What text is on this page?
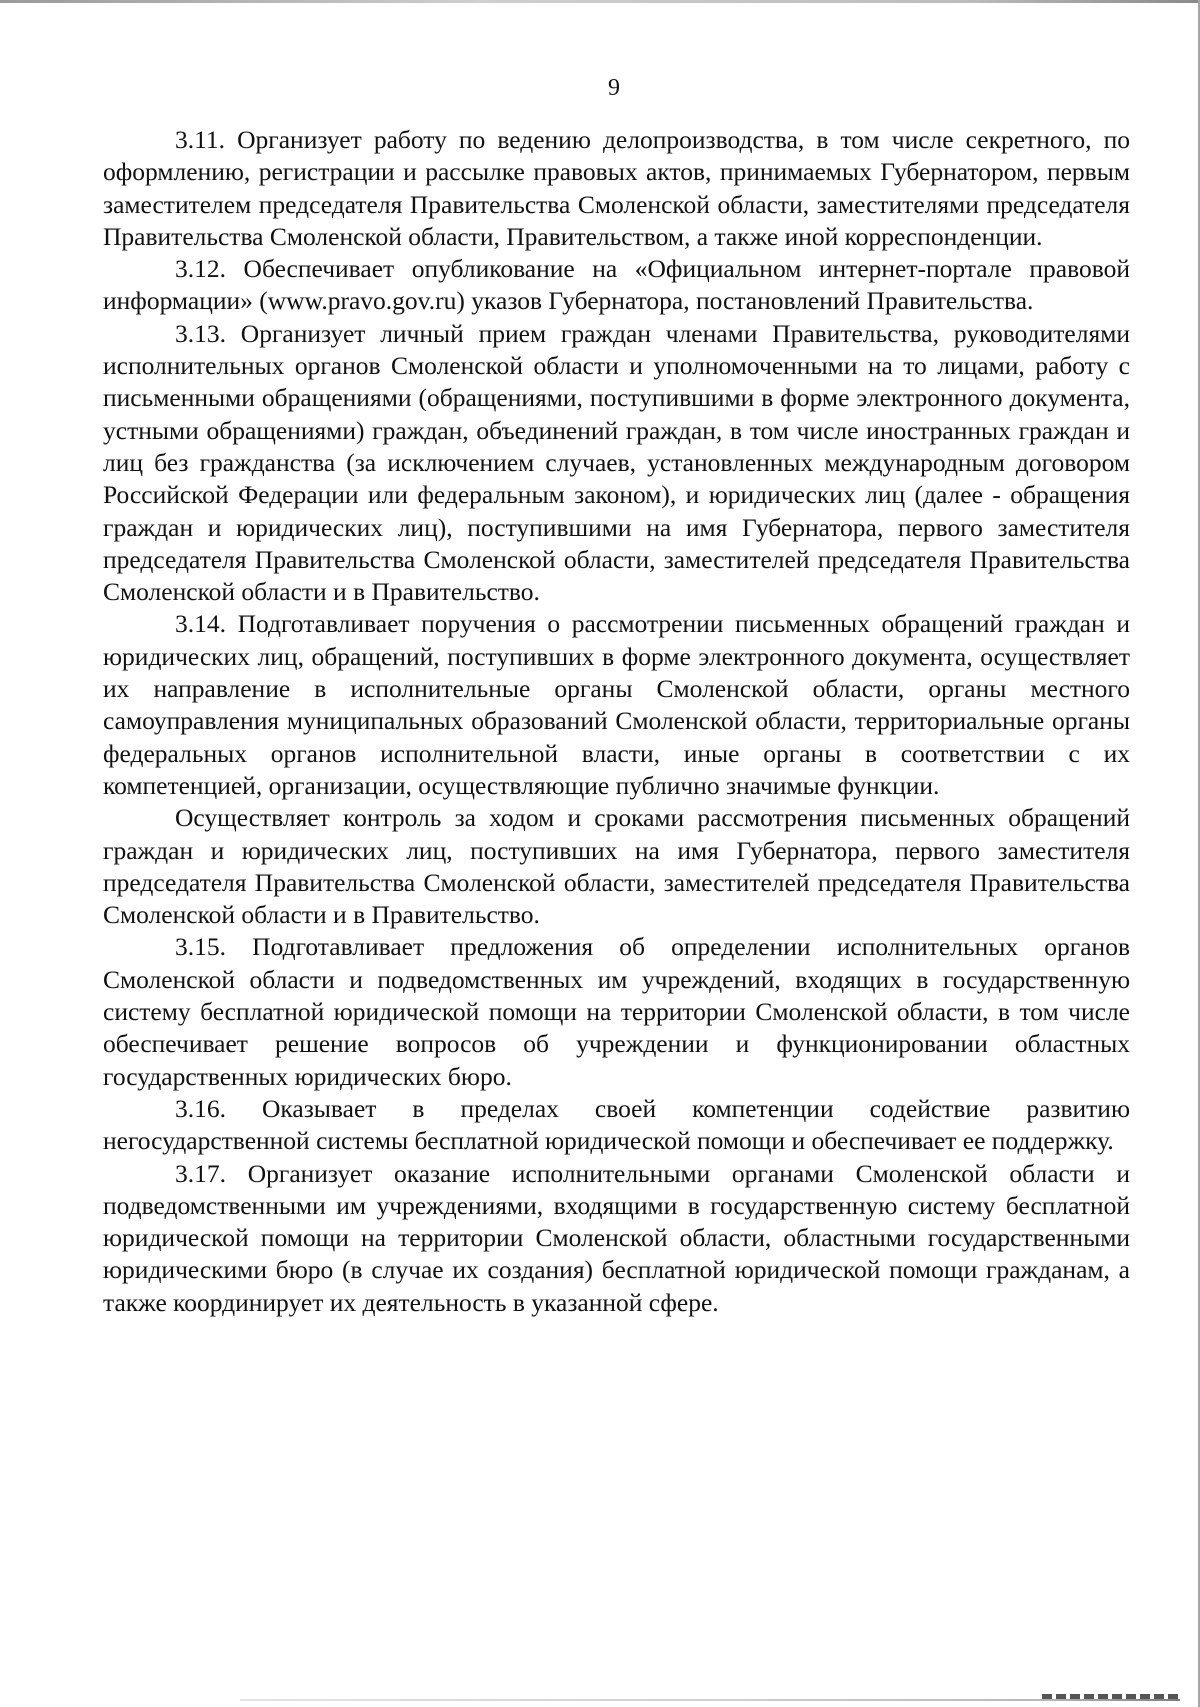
9

3.11. Организует работу по ведению делопроизводства, в том числе секретного, по оформлению, регистрации и рассылке правовых актов, принимаемых Губернатором, первым заместителем председателя Правительства Смоленской области, заместителями председателя Правительства Смоленской области, Правительством, а также иной корреспонденции.

3.12. Обеспечивает опубликование на «Официальном интернет-портале правовой информации» (www.pravo.gov.ru) указов Губернатора, постановлений Правительства.

3.13. Организует личный прием граждан членами Правительства, руководителями исполнительных органов Смоленской области и уполномоченными на то лицами, работу с письменными обращениями (обращениями, поступившими в форме электронного документа, устными обращениями) граждан, объединений граждан, в том числе иностранных граждан и лиц без гражданства (за исключением случаев, установленных международным договором Российской Федерации или федеральным законом), и юридических лиц (далее - обращения граждан и юридических лиц), поступившими на имя Губернатора, первого заместителя председателя Правительства Смоленской области, заместителей председателя Правительства Смоленской области и в Правительство.

3.14. Подготавливает поручения о рассмотрении письменных обращений граждан и юридических лиц, обращений, поступивших в форме электронного документа, осуществляет их направление в исполнительные органы Смоленской области, органы местного самоуправления муниципальных образований Смоленской области, территориальные органы федеральных органов исполнительной власти, иные органы в соответствии с их компетенцией, организации, осуществляющие публично значимые функции.

Осуществляет контроль за ходом и сроками рассмотрения письменных обращений граждан и юридических лиц, поступивших на имя Губернатора, первого заместителя председателя Правительства Смоленской области, заместителей председателя Правительства Смоленской области и в Правительство.

3.15. Подготавливает предложения об определении исполнительных органов Смоленской области и подведомственных им учреждений, входящих в государственную систему бесплатной юридической помощи на территории Смоленской области, в том числе обеспечивает решение вопросов об учреждении и функционировании областных государственных юридических бюро.

3.16. Оказывает в пределах своей компетенции содействие развитию негосударственной системы бесплатной юридической помощи и обеспечивает ее поддержку.

3.17. Организует оказание исполнительными органами Смоленской области и подведомственными им учреждениями, входящими в государственную систему бесплатной юридической помощи на территории Смоленской области, областными государственными юридическими бюро (в случае их создания) бесплатной юридической помощи гражданам, а также координирует их деятельность в указанной сфере.
